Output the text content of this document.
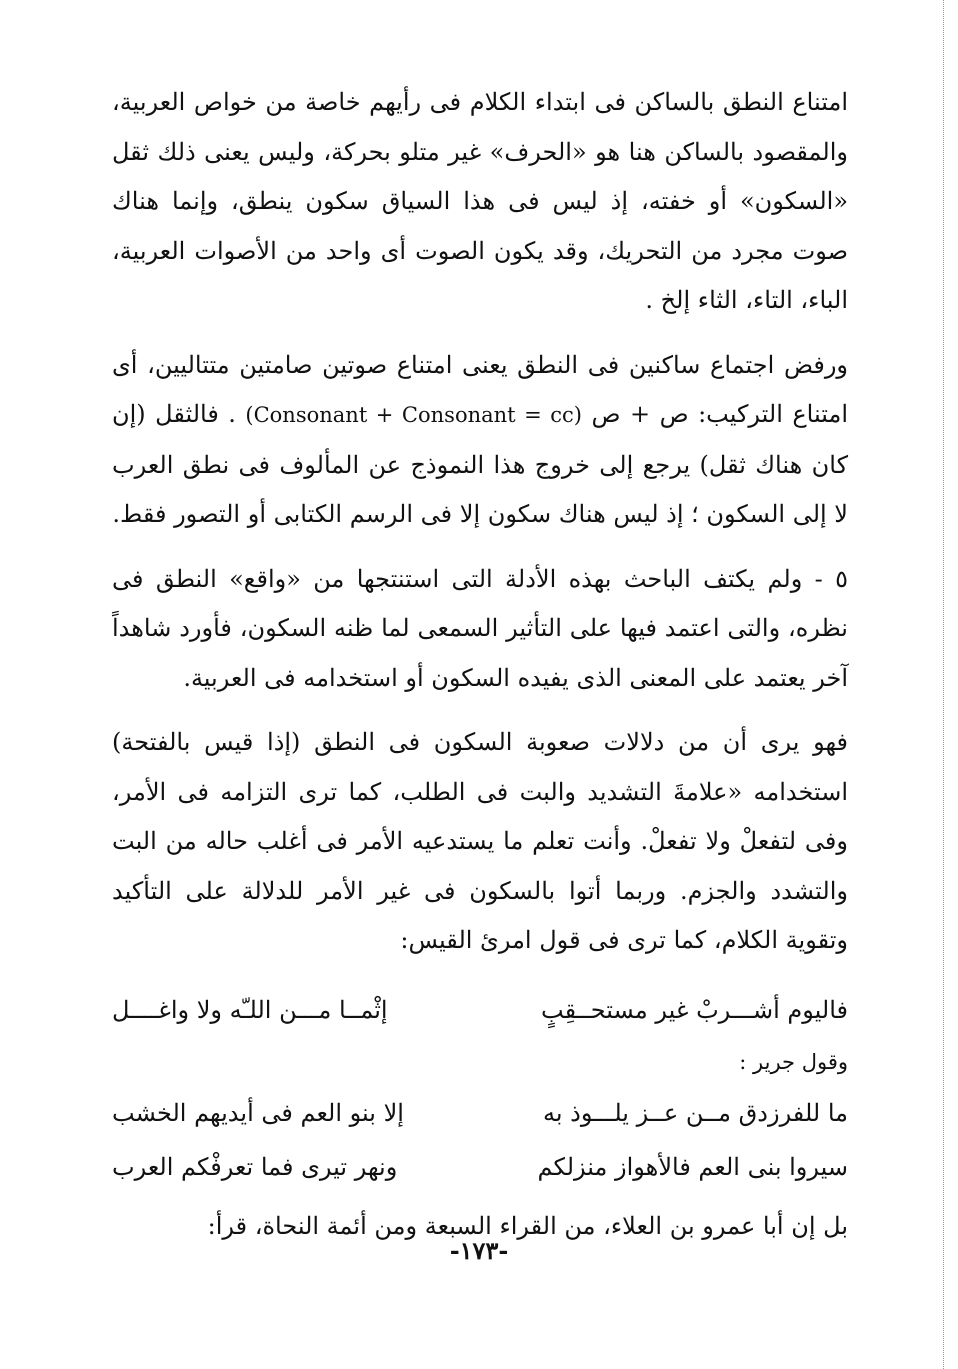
امتناع النطق بالساكن فى ابتداء الكلام فى رأيهم خاصة من خواص العربية، والمقصود بالساكن هنا هو «الحرف» غير متلو بحركة، وليس يعنى ذلك ثقل «السكون» أو خفته، إذ ليس فى هذا السياق سكون ينطق، وإنما هناك صوت مجرد من التحريك، وقد يكون الصوت أى واحد من الأصوات العربية، الباء، التاء، الثاء إلخ .

ورفض اجتماع ساكنين فى النطق يعنى امتناع صوتين صامتين متتاليين، أى امتناع التركيب: ص + ص (Consonant + Consonant = cc) . فالثقل (إن كان هناك ثقل) يرجع إلى خروج هذا النموذج عن المألوف فى نطق العرب لا إلى السكون ؛ إذ ليس هناك سكون إلا فى الرسم الكتابى أو التصور فقط.

٥ - ولم يكتف الباحث بهذه الأدلة التى استنتجها من «واقع» النطق فى نظره، والتى اعتمد فيها على التأثير السمعى لما ظنه السكون، فأورد شاهداً آخر يعتمد على المعنى الذى يفيده السكون أو استخدامه فى العربية.

فهو يرى أن من دلالات صعوبة السكون فى النطق (إذا قيس بالفتحة) استخدامه «علامةَ التشديد والبت فى الطلب، كما ترى التزامه فى الأمر، وفى لتفعلْ ولا تفعلْ. وأنت تعلم ما يستدعيه الأمر فى أغلب حاله من البت والتشدد والجزم. وربما أتوا بالسكون فى غير الأمر للدلالة على التأكيد وتقوية الكلام، كما ترى فى قول امرئ القيس:

فاليوم أشـــربْ غير مستحــقِبٍ
إثْمــا مـــن اللـّه ولا واغــــل

وقول جرير :

ما للفرزدق مــن عــز يلـــوذ به
إلا بنو العم فى أيديهم الخشب
سيروا بنى العم فالأهواز منزلكم
ونهر تيرى فما تعرفْكم العرب

بل إن أبا عمرو بن العلاء، من القراء السبعة ومن أئمة النحاة، قرأ:

-١٧٣-
